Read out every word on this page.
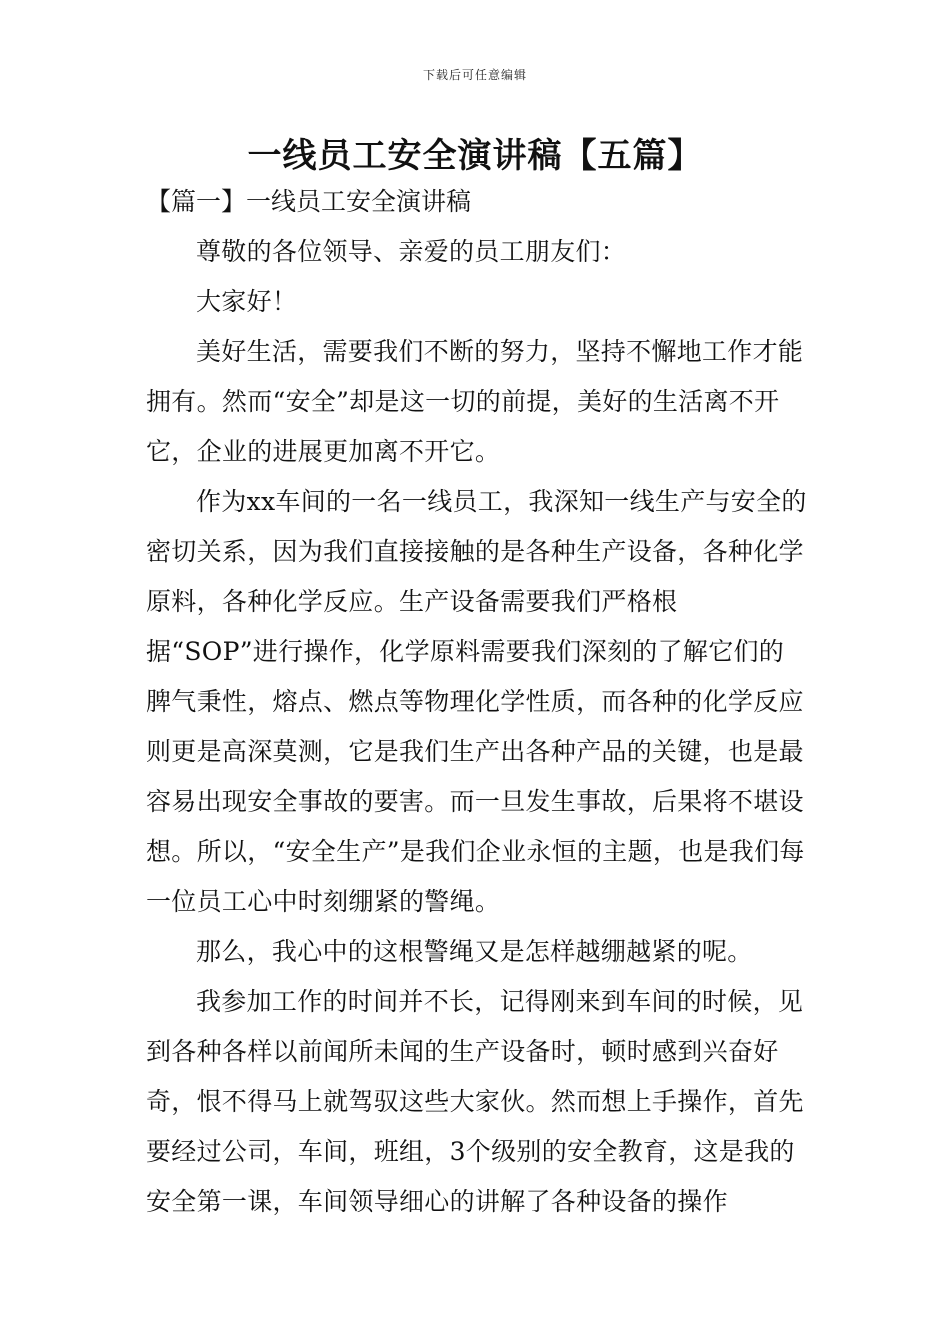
下载后可任意编辑
一线员工安全演讲稿【五篇】
【篇一】一线员工安全演讲稿

尊敬的各位领导、亲爱的员工朋友们：

大家好！

美好生活，需要我们不断的努力，坚持不懈地工作才能拥有。然而“安全”却是这一切的前提，美好的生活离不开它，企业的进展更加离不开它。

作为xx车间的一名一线员工，我深知一线生产与安全的密切关系，因为我们直接接触的是各种生产设备，各种化学原料，各种化学反应。生产设备需要我们严格根据“SOP”进行操作，化学原料需要我们深刻的了解它们的脾气秉性，熔点、燃点等物理化学性质，而各种的化学反应则更是高深莫测，它是我们生产出各种产品的关键，也是最容易出现安全事故的要害。而一旦发生事故，后果将不堪设想。所以，“安全生产”是我们企业永恒的主题，也是我们每一位员工心中时刻绷紧的警绳。

那么，我心中的这根警绳又是怎样越绷越紧的呢。

我参加工作的时间并不长，记得刚来到车间的时候，见到各种各样以前闻所未闻的生产设备时，顿时感到兴奋好奇，恨不得马上就驾驭这些大家伙。然而想上手操作，首先要经过公司，车间，班组，3个级别的安全教育，这是我的安全第一课，车间领导细心的讲解了各种设备的操作
